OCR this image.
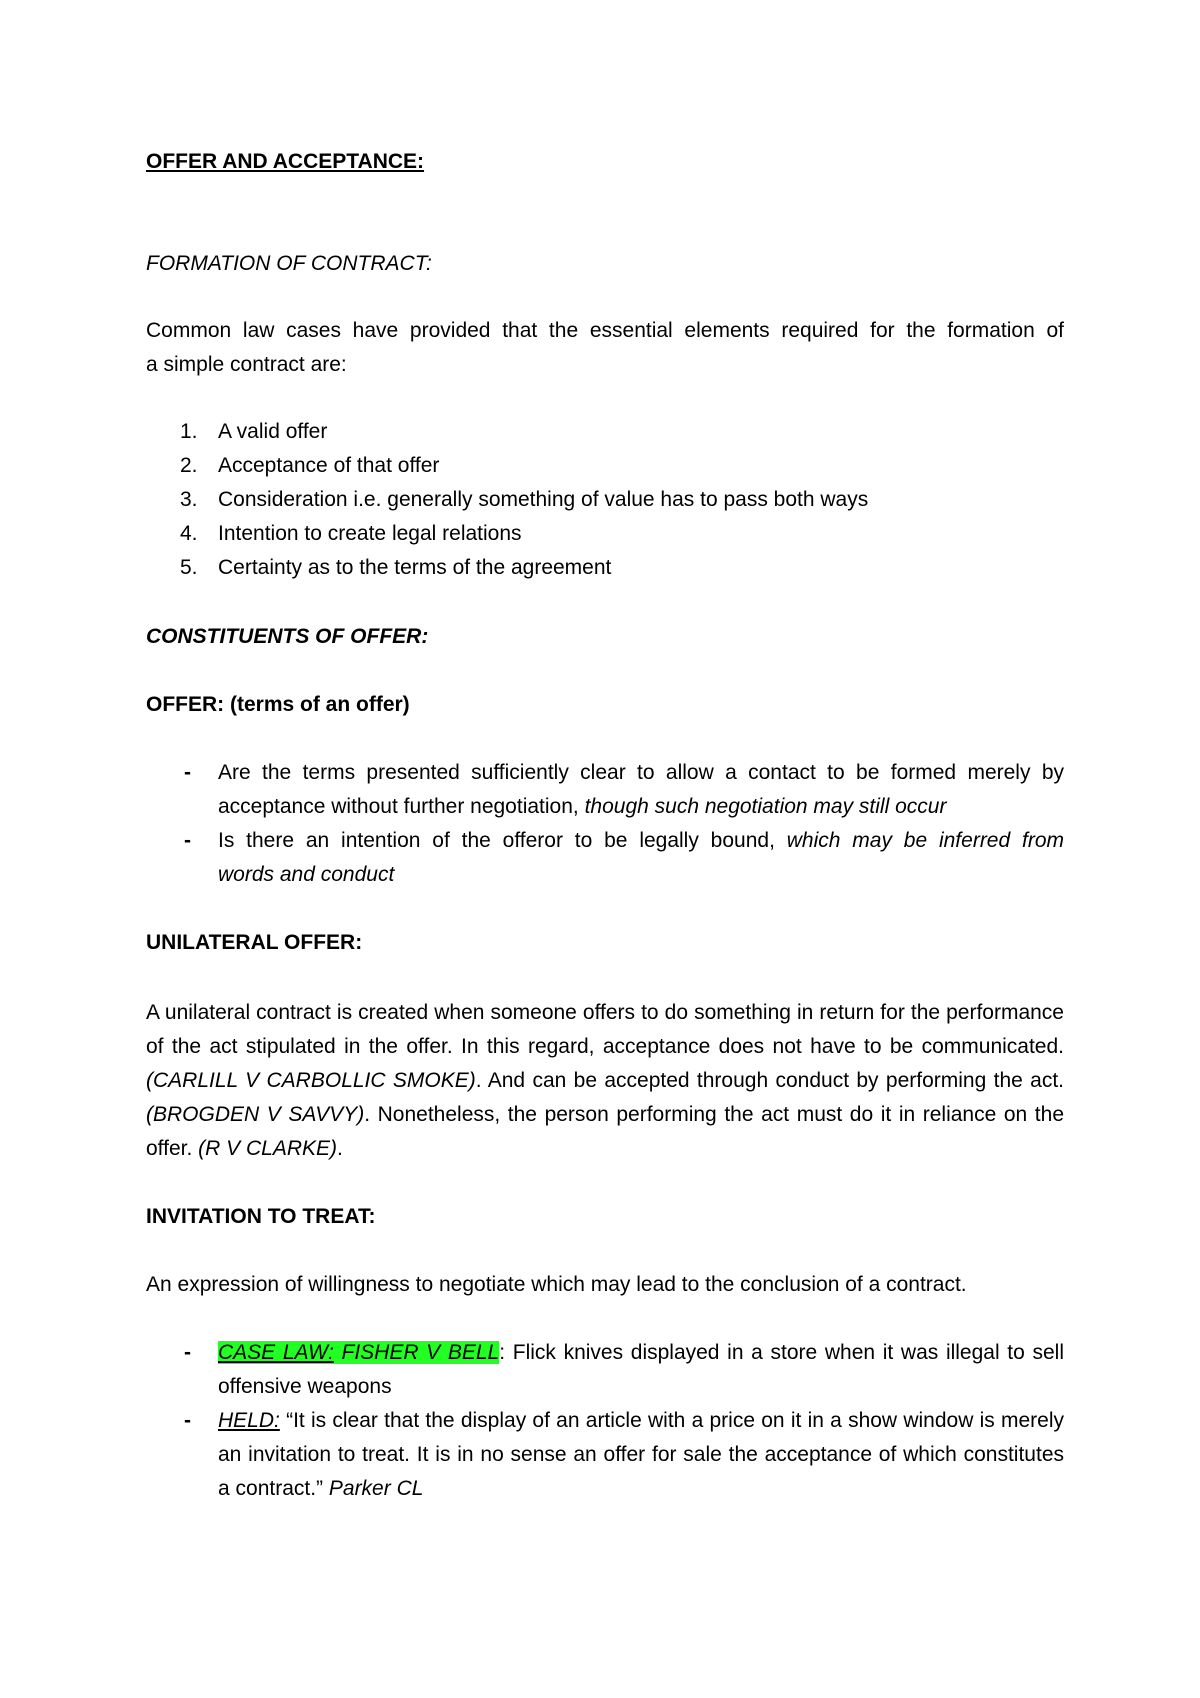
OFFER AND ACCEPTANCE:
FORMATION OF CONTRACT:
Common law cases have provided that the essential elements required for the formation of
a simple contract are:
1. A valid offer
2. Acceptance of that offer
3. Consideration i.e. generally something of value has to pass both ways
4. Intention to create legal relations
5. Certainty as to the terms of the agreement
CONSTITUENTS OF OFFER:
OFFER: (terms of an offer)
- Are the terms presented sufficiently clear to allow a contact to be formed merely by
acceptance without further negotiation, though such negotiation may still occur
- Is there an intention of the offeror to be legally bound, which may be inferred from
words and conduct
UNILATERAL OFFER:

A unilateral contract is created when someone offers to do something in return for the performance of the act stipulated in the offer. In this regard, acceptance does not have to be communicated. (CARLILL V CARBOLLIC SMOKE). And can be accepted through conduct by performing the act. (BROGDEN V SAVVY). Nonetheless, the person performing the act must do it in reliance on the offer. (R V CLARKE).

INVITATION TO TREAT:
An expression of willingness to negotiate which may lead to the conclusion of a contract.
- CASE LAW: FISHER V BELL: Flick knives displayed in a store when it was illegal to sell
offensive weapons
- HELD: “It is clear that the display of an article with a price on it in a show window is merely an invitation to treat. It is in no sense an offer for sale the acceptance of which constitutes a contract.” Parker CL
